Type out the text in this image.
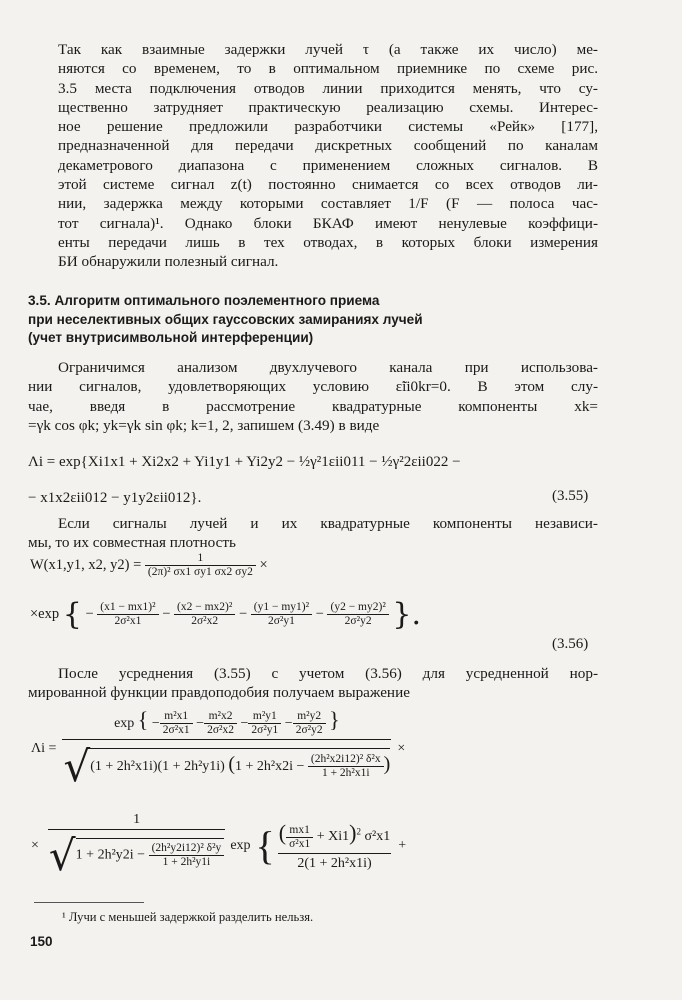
Так как взаимные задержки лучей τ (а также их число) ме-
няются со временем, то в оптимальном приемнике по схеме рис.
3.5 места подключения отводов линии приходится менять, что су-
щественно затрудняет практическую реализацию схемы. Интерес-
ное решение предложили разработчики системы «Рейк» [177],
предназначенной для передачи дискретных сообщений по каналам
декаметрового диапазона с применением сложных сигналов. В
этой системе сигнал z(t) постоянно снимается со всех отводов ли-
нии, задержка между которыми составляет 1/F (F — полоса час-
тот сигнала)¹. Однако блоки БКАФ имеют ненулевые коэффици-
енты передачи лишь в тех отводах, в которых блоки измерения
БИ обнаружили полезный сигнал.
3.5. Алгоритм оптимального поэлементного приема
при неселективных общих гауссовских замираниях лучей
(учет внутрисимвольной интерференции)
Ограничимся анализом двухлучевого канала при использова-
нии сигналов, удовлетворяющих условию ε̃ii0kr=0. В этом слу-
чае, введя в рассмотрение квадратурные компоненты xk=
=γk cos φk; yk=γk sin φk; k=1, 2, запишем (3.49) в виде
Λi = exp{Xi1x1 + Xi2x2 + Yi1y1 + Yi2y2 − ½γ²1εii011 − ½γ²2εii022 −
− x1x2εii012 − y1y2εii012}.	(3.55)
Если сигналы лучей и их квадратурные компоненты независи-
мы, то их совместная плотность
W(x1,y1, x2, $y2) = \frac{1}{\text{(2π)² σx1 σy1 σx2 σy2}}$ ×
×exp { − $\frac{\text{(x1 − mx1)²}}{\text{2σ²x1}} - \frac{\text{(x2 − mx2)²}}{\text{2σ²x2}} - \frac{\text{(y1 − my1)²}}{\text{2σ²y1}} - \frac{\text{(y2 − my2)²}}{\text{2σ²y2}}$ }.
(3.56)
После усреднения (3.55) с учетом (3.56) для усредненной нор-
мированной функции правдоподобия получаем выражение
Λi =	exp { − $\frac{\text{m²x1}}{\text{2σ²x1}} - \frac{\text{m²x2}}{\text{2σ²x2}} - \frac{\text{m²y1}}{\text{2σ²y1}} - \frac{\text{m²y2}}{\text{2σ²y2}}$ }	×
√(1 + 2h²x1i)(1 + 2h²y1i) ($1 + 2h^2x2i - \frac{\text{(2h²x2i12)² δ²x}}{\text{1 + 2h²x1i}}$ )
×	
1
$√1 + 2h^2y2i - \frac{\text{(2h²y2i12)² δ²y}}{\text{1 + 2h²y1i}}$
	exp	{	( $\frac{mx1}{\text{σ²x1}} + Xi1)^2$ σ²x1
2(1 + 2h²x1i)
	+
¹ Лучи с меньшей задержкой разделить нельзя.
150
